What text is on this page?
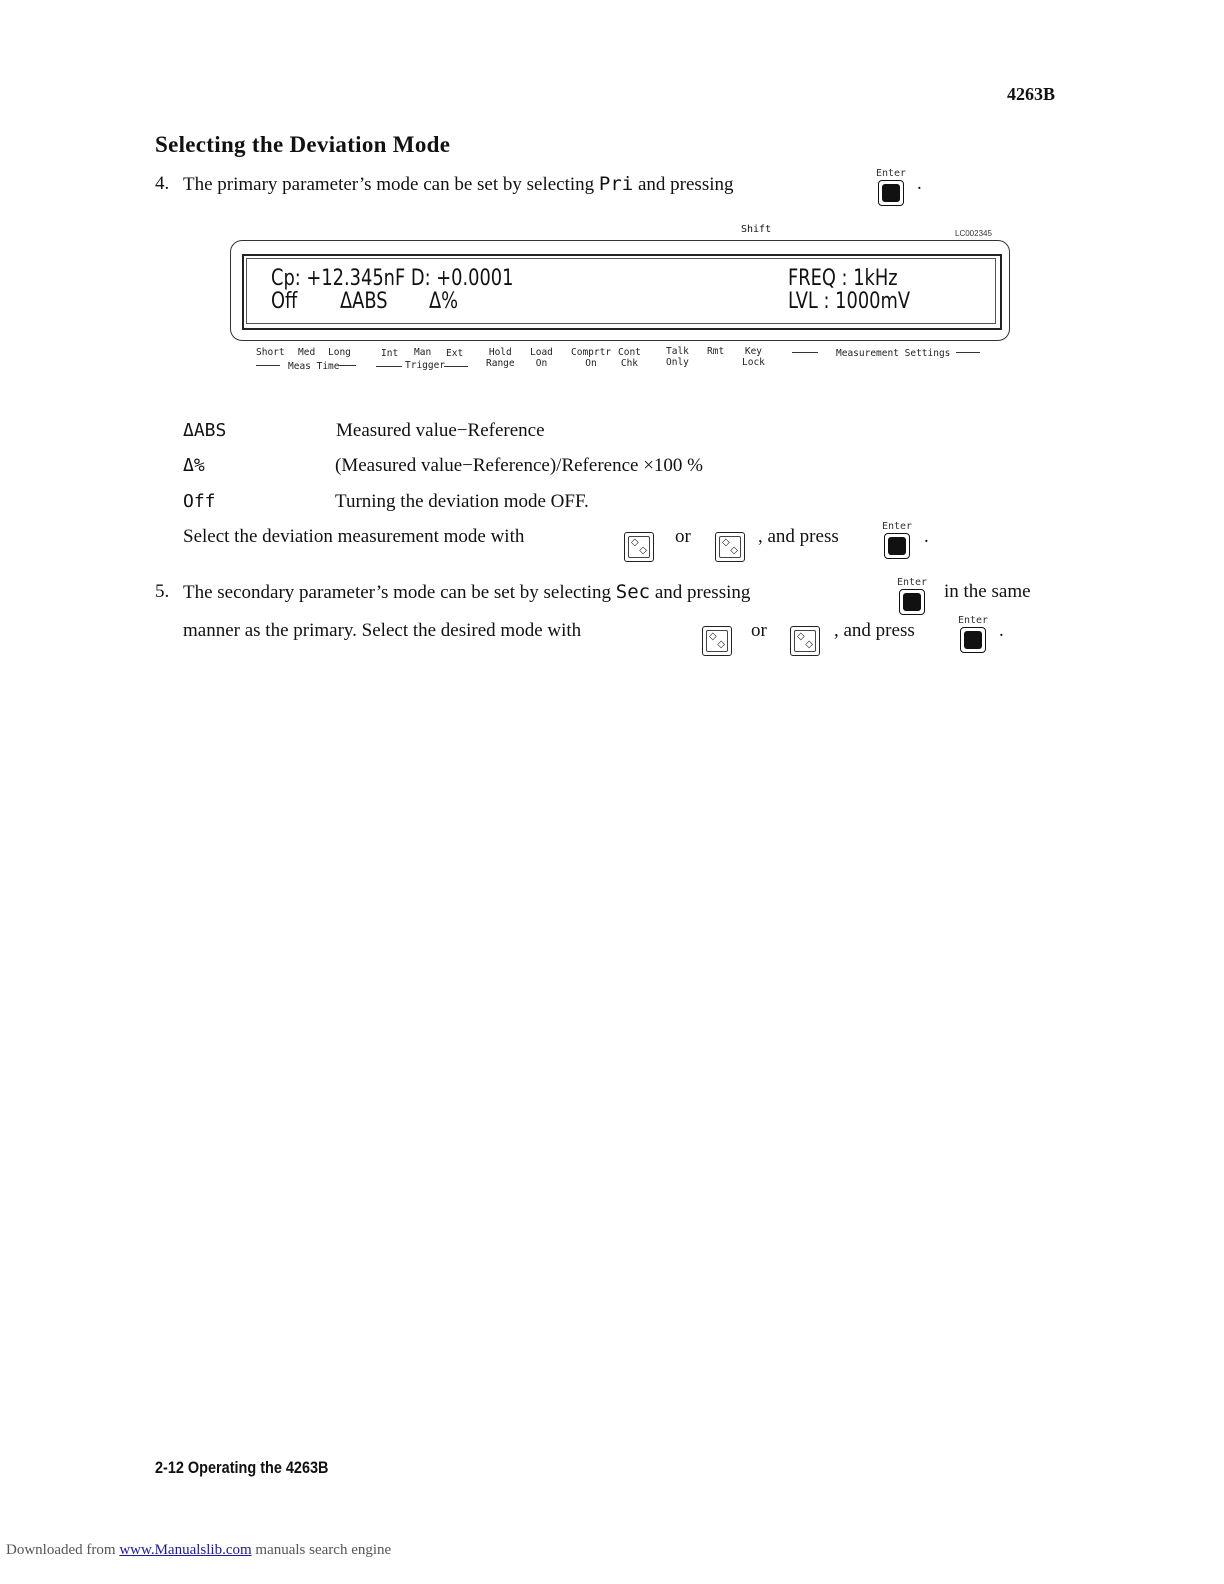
4263B
Selecting the Deviation Mode
4. The primary parameter’s mode can be set by selecting Pri and pressing
Enter .
Shift	LC002345
Cp: +12.345nF D: +0.0001	FREQ : 1kHz
Off ΔABS Δ%	LVL : 1000mV
Short Med Long
Meas Time
Int Man Ext
Trigger
Hold
Range
Load
On
Comprtr
On
Cont
Chk
Talk
Only
Rmt	Key
Lock
Measurement Settings
ΔABS	Measured value−Reference
Δ%	(Measured value−Reference)/Reference ×100 %
Off	Turning the deviation mode OFF.
Select the deviation measurement mode with	◇
◇
or	◇
◇
, and press	Enter .
5. The secondary parameter’s mode can be set by selecting Sec and pressing	Enter in the same
manner as the primary. Select the desired mode with	◇
◇
or	◇
◇
, and press	Enter .
2-12 Operating the 4263B
Downloaded from www.Manualslib.com manuals search engine
